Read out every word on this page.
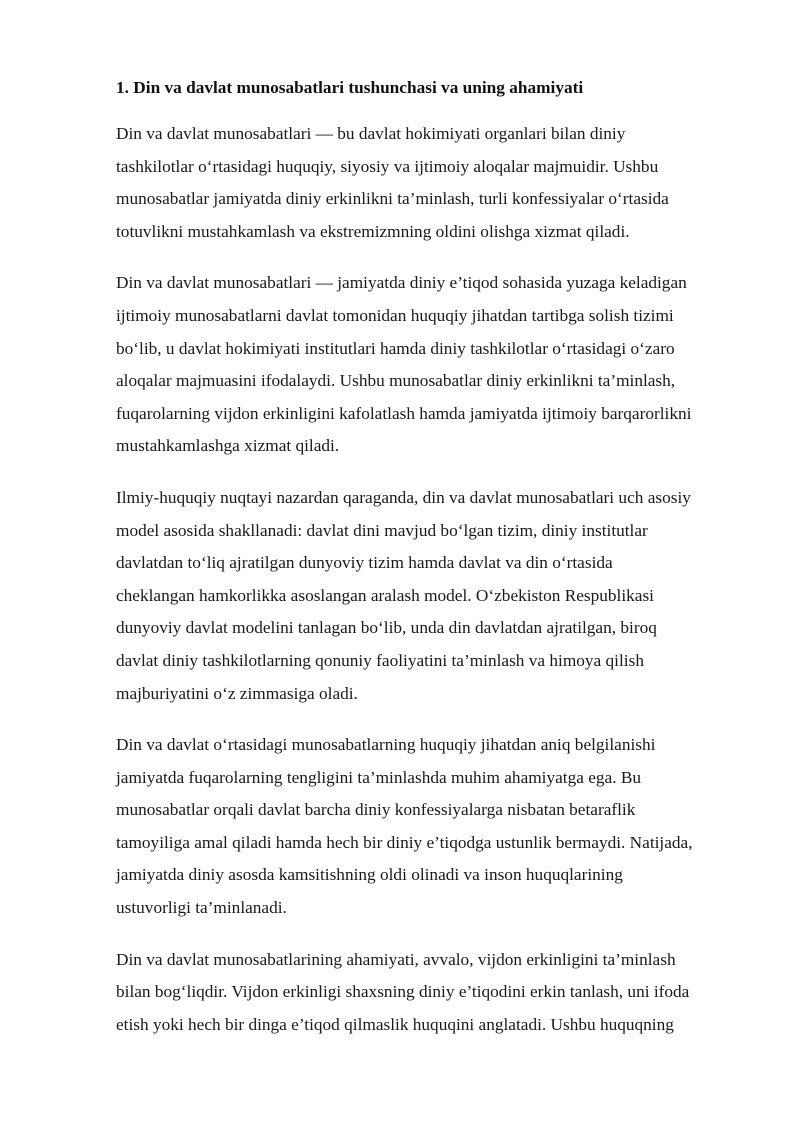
1. Din va davlat munosabatlari tushunchasi va uning ahamiyati

Din va davlat munosabatlari — bu davlat hokimiyati organlari bilan diniy
tashkilotlar o‘rtasidagi huquqiy, siyosiy va ijtimoiy aloqalar majmuidir. Ushbu
munosabatlar jamiyatda diniy erkinlikni ta’minlash, turli konfessiyalar o‘rtasida
totuvlikni mustahkamlash va ekstremizmning oldini olishga xizmat qiladi.

Din va davlat munosabatlari — jamiyatda diniy e’tiqod sohasida yuzaga keladigan
ijtimoiy munosabatlarni davlat tomonidan huquqiy jihatdan tartibga solish tizimi
bo‘lib, u davlat hokimiyati institutlari hamda diniy tashkilotlar o‘rtasidagi o‘zaro
aloqalar majmuasini ifodalaydi. Ushbu munosabatlar diniy erkinlikni ta’minlash,
fuqarolarning vijdon erkinligini kafolatlash hamda jamiyatda ijtimoiy barqarorlikni
mustahkamlashga xizmat qiladi.

Ilmiy-huquqiy nuqtayi nazardan qaraganda, din va davlat munosabatlari uch asosiy
model asosida shakllanadi: davlat dini mavjud bo‘lgan tizim, diniy institutlar
davlatdan to‘liq ajratilgan dunyoviy tizim hamda davlat va din o‘rtasida
cheklangan hamkorlikka asoslangan aralash model. O‘zbekiston Respublikasi
dunyoviy davlat modelini tanlagan bo‘lib, unda din davlatdan ajratilgan, biroq
davlat diniy tashkilotlarning qonuniy faoliyatini ta’minlash va himoya qilish
majburiyatini o‘z zimmasiga oladi.

Din va davlat o‘rtasidagi munosabatlarning huquqiy jihatdan aniq belgilanishi
jamiyatda fuqarolarning tengligini ta’minlashda muhim ahamiyatga ega. Bu
munosabatlar orqali davlat barcha diniy konfessiyalarga nisbatan betaraflik
tamoyiliga amal qiladi hamda hech bir diniy e’tiqodga ustunlik bermaydi. Natijada,
jamiyatda diniy asosda kamsitishning oldi olinadi va inson huquqlarining
ustuvorligi ta’minlanadi.

Din va davlat munosabatlarining ahamiyati, avvalo, vijdon erkinligini ta’minlash
bilan bog‘liqdir. Vijdon erkinligi shaxsning diniy e’tiqodini erkin tanlash, uni ifoda
etish yoki hech bir dinga e’tiqod qilmaslik huquqini anglatadi. Ushbu huquqning
